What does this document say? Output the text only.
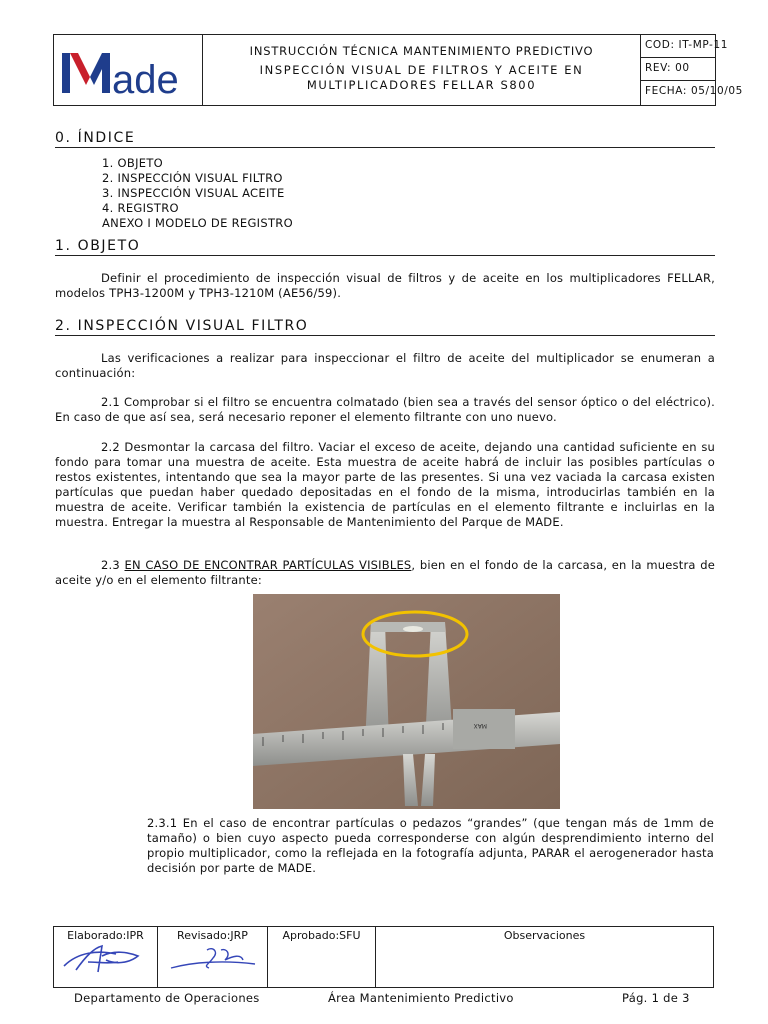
ade
INSTRUCCIÓN TÉCNICA MANTENIMIENTO PREDICTIVO
INSPECCIÓN VISUAL DE FILTROS Y ACEITE EN
MULTIPLICADORES FELLAR S800
COD: IT-MP-11
REV: 00
FECHA: 05/10/05
0. ÍNDICE
1. OBJETO
2. INSPECCIÓN VISUAL FILTRO
3. INSPECCIÓN VISUAL ACEITE
4. REGISTRO
ANEXO I MODELO DE REGISTRO
1. OBJETO
Definir el procedimiento de inspección visual de filtros y de aceite en los multiplicadores FELLAR, modelos TPH3-1200M y TPH3-1210M (AE56/59).
2. INSPECCIÓN VISUAL FILTRO
Las verificaciones a realizar para inspeccionar el filtro de aceite del multiplicador se enumeran a continuación:
2.1 Comprobar si el filtro se encuentra colmatado (bien sea a través del sensor óptico o del eléctrico). En caso de que así sea, será necesario reponer el elemento filtrante con uno nuevo.
2.2 Desmontar la carcasa del filtro. Vaciar el exceso de aceite, dejando una cantidad suficiente en su fondo para tomar una muestra de aceite. Esta muestra de aceite habrá de incluir las posibles partículas o restos existentes, intentando que sea la mayor parte de las presentes. Si una vez vaciada la carcasa existen partículas que puedan haber quedado depositadas en el fondo de la misma, introducirlas también en la muestra de aceite. Verificar también la existencia de partículas en el elemento filtrante e incluirlas en la muestra. Entregar la muestra al Responsable de Mantenimiento del Parque de MADE.
2.3 EN CASO DE ENCONTRAR PARTÍCULAS VISIBLES, bien en el fondo de la carcasa, en la muestra de aceite y/o en el elemento filtrante:
MAX
2.3.1 En el caso de encontrar partículas o pedazos “grandes” (que tengan más de 1mm de tamaño) o bien cuyo aspecto pueda corresponderse con algún desprendimiento interno del propio multiplicador, como la reflejada en la fotografía adjunta, PARAR el aerogenerador hasta decisión por parte de MADE.
Elaborado:IPR	Revisado:JRP	Aprobado:SFU	Observaciones
Departamento de Operaciones	Área Mantenimiento Predictivo	Pág. 1 de 3
